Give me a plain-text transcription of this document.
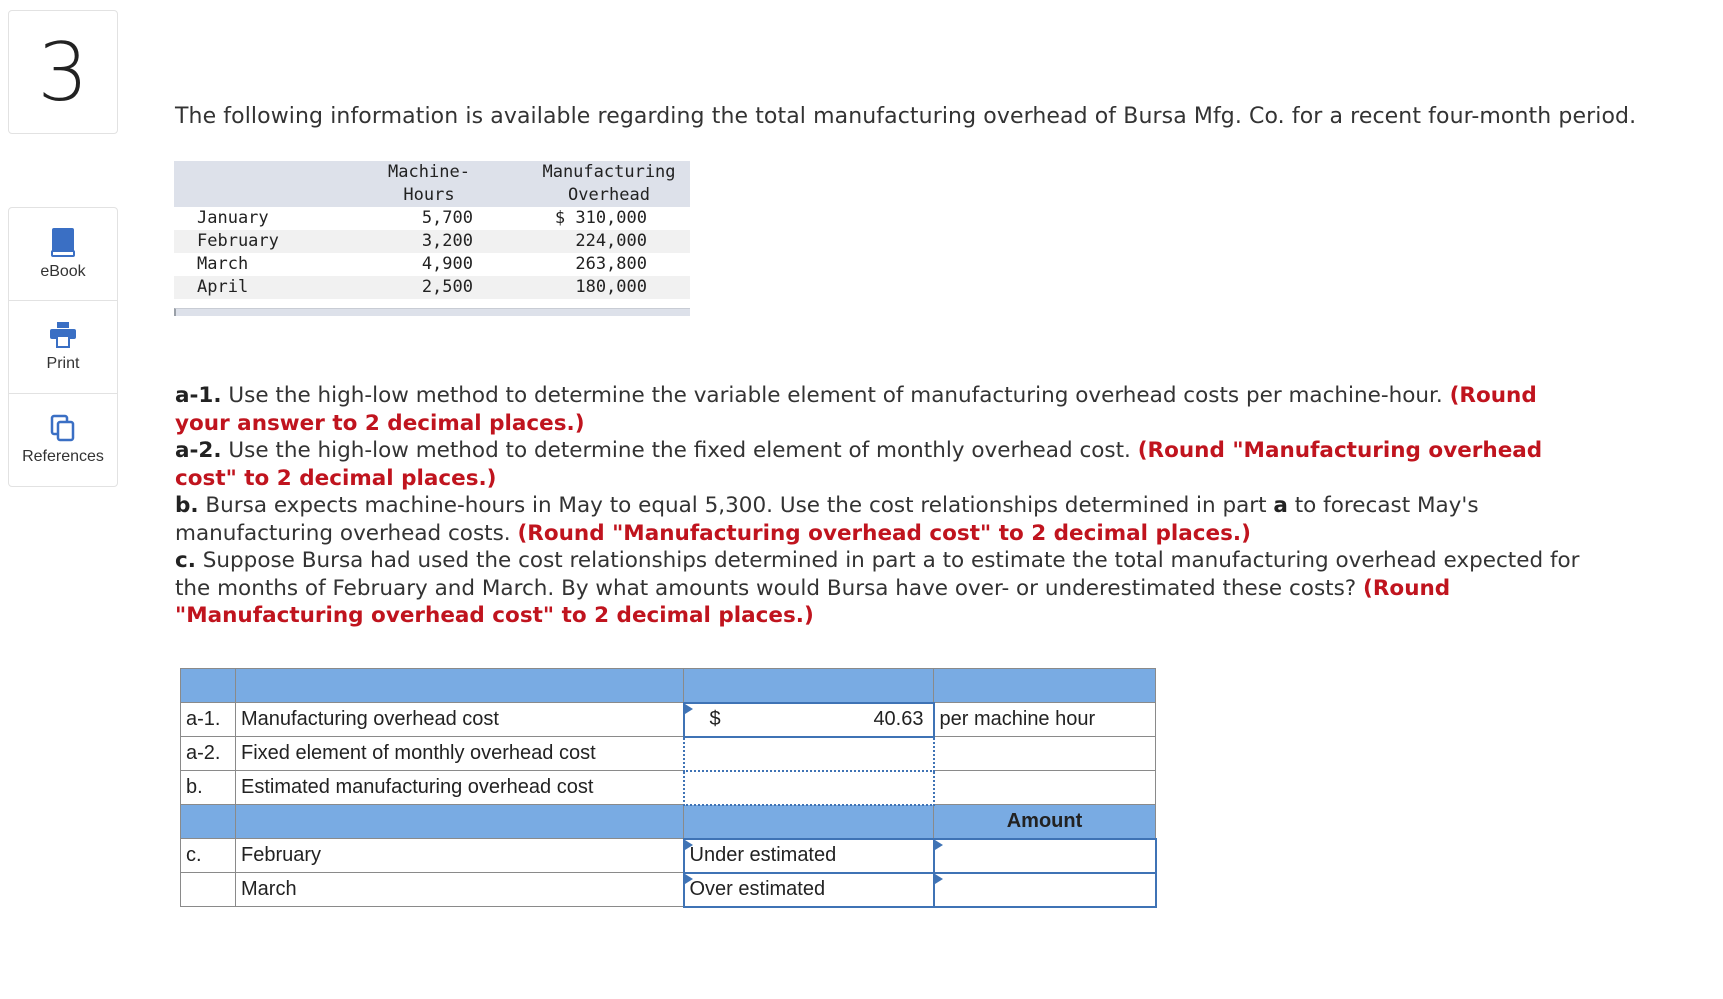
3
eBook
Print
References
The following information is available regarding the total manufacturing overhead of Bursa Mfg. Co. for a recent four-month period.
Machine-
Hours
Manufacturing
Overhead
January	5,700	$ 310,000
February	3,200	224,000
March	4,900	263,800
April	2,500	180,000
a-1. Use the high-low method to determine the variable element of manufacturing overhead costs per machine-hour. (Round your answer to 2 decimal places.)
a-2. Use the high-low method to determine the fixed element of monthly overhead cost. (Round "Manufacturing overhead cost" to 2 decimal places.)
b. Bursa expects machine-hours in May to equal 5,300. Use the cost relationships determined in part a to forecast May's manufacturing overhead costs. (Round "Manufacturing overhead cost" to 2 decimal places.)
c. Suppose Bursa had used the cost relationships determined in part a to estimate the total manufacturing overhead expected for the months of February and March. By what amounts would Bursa have over- or underestimated these costs? (Round "Manufacturing overhead cost" to 2 decimal places.)

a-1.	Manufacturing overhead cost	$ 40.63	per machine hour
a-2.	Fixed element of monthly overhead cost		
b.	Estimated manufacturing overhead cost		
			Amount
c.	February	Under estimated	

	March	Over estimated	
